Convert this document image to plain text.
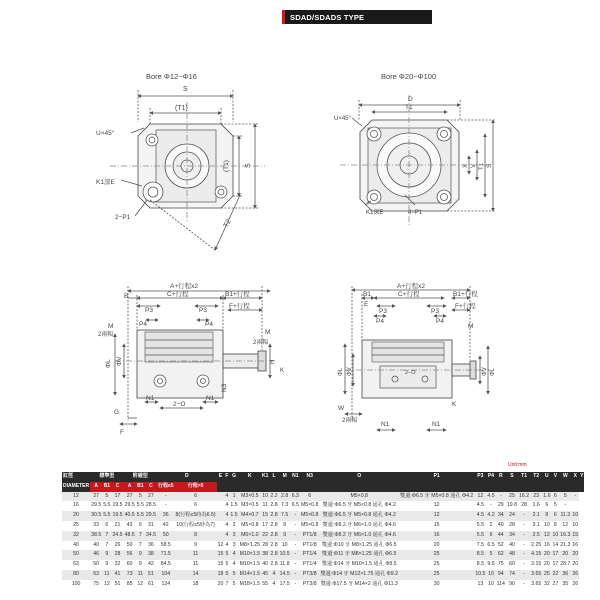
SDAD/SDADS TYPE
Bore Φ12~Φ16
S
(T1)
U×45°
K1深E
2−P1
(T1) S
T2
Bore Φ20~Φ100
D
T1
U×45°
X V T1 S
K1深E	4−P1
A+行程x2
B	C+行程	B1+行程
F+行程
P3	P3
P4	P4
M
2兩幅
ΦL ΦV
N3
N1
2−O
N1
G
F
M
2兩幅
H
K
A+行程x2
B1	C+行程
E
P3	P3
P4	P4
B1+行程
F+行程
M
ΦL ΦV	ΦV ΦL
2−O
N1	N1
W
2兩幅
K
Unit:mm
缸徑	標準型			附磁型			D		E	F	G	K	K1	L	M	N1	N3	O	P1	P3	P4	R	S	T1	T2	U	V	W	X	Y
DIAMETER	A	B1	C	A	B1	C	行程≤5	行程>5																						
12	27	5	17	27	5	27	-	6		4	1	M3×0.5	10	2.2	2.8	6.3	6	M5×0.8	雙邊:Φ6.5 牙 M5×0.8 通孔 Φ4.2	12	4.5	-	25	16.2	23	1.6	6	5	-	
16	29.5	5.5	19.5	29.5	5.5	28.5	-	6		4	1.5	M3×0.5	11	2.8	7.3	6.5	M5×0.8	雙邊:Φ6.5 牙 M5×0.8 通孔 Φ4.2	12	4.5	-	29	19.8	28	1.6	6	5	-		
20	30.5	5.5	19.5	40.5	5.5	29.5	36	8(行程≤5時為6.5)		4	1.5	M4×0.7	15	2.8	7.5	-	M5×0.8	雙邊:Φ6.5 牙 M5×0.8 通孔 Φ4.2	12	4.5	4.2	34	24	-	2.1	8	6	11.3	10	
25	33	6	21	43	6	31	42	10(行程≤5時為7)		4	2	M5×0.8	17	2.8	8	-	M5×0.8	雙邊:Φ8.2 牙 M6×1.0 通孔 Φ4.6	15	5.5	2	40	28	-	3.1	10	8	12	10	
32	38.5	7	24.5	48.5	7	34.5	50	8		4	3	M6×1.0	22	2.8	9	-	PT1/8	雙邊:Φ8.2 牙 M6×1.0 通孔 Φ4.6	16	5.5	6	44	34	-	2.5	12	10	16.3	15	
40	40	7	26	50	7	36	58.5	9	12	4	3	M8×1.25	28	2.8	10	-	PT1/8	雙邊:Φ10 牙 M8×1.25 通孔 Φ6.5	20	7.5	6.5	52	40	-	2.25	16	14	21.3	16	
50	46	9	28	56	9	38	71.5	11	15	5	4	M10×1.5	38	2.8	10.5	-	PT1/4	雙邊:Φ11 牙 M8×1.25 通孔 Φ6.5	25	8.5	5	62	48	-	4.15	20	17	20	20	
63	50	9	32	60	9	42	84.5	11	15	5	4	M10×1.5	40	2.8	11.8	-	PT1/4	雙邊:Φ14 牙 M10×1.5 通孔 Φ8.5	25	8.5	9.5	75	60	-	3.15	20	17	28.7	20	
80	63	11	41	73	11	51	104	14	18	5	5	M14×1.5	45	4	14.5	-	PT3/8	雙邊:Φ14 牙 M12×1.75 通孔 Φ9.2	25	10.5	10	94	74	-	3.65	25	22	36	26	
100	75	12	51	85	12	61	124	18	20	7	5	M18×1.5	55	4	17.5	-	PT3/8	雙邊:Φ17.5 牙 M14×2 通孔 Φ11.3	30	13	10	114	90	-	3.65	32	27	35	26	
